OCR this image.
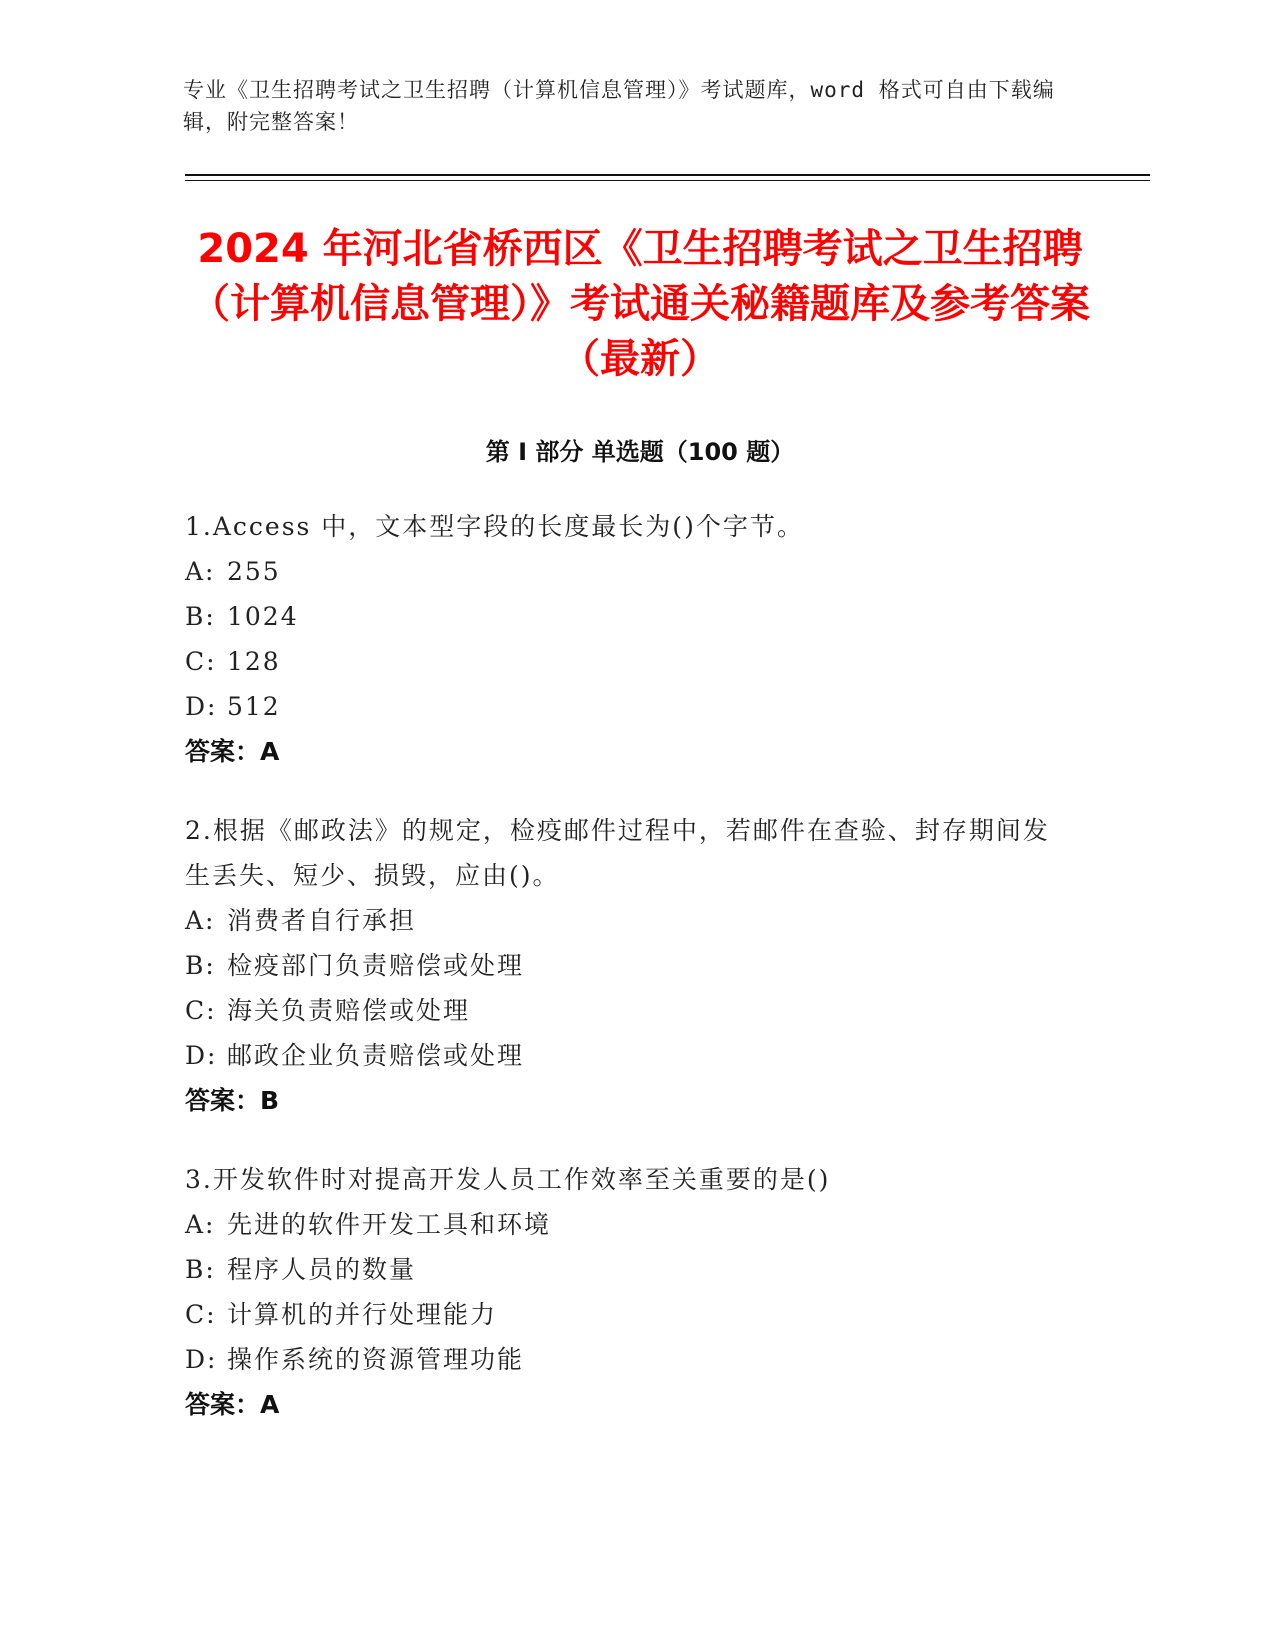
专业《卫生招聘考试之卫生招聘（计算机信息管理）》考试题库，word 格式可自由下载编辑，附完整答案！
2024 年河北省桥西区《卫生招聘考试之卫生招聘（计算机信息管理）》考试通关秘籍题库及参考答案（最新）
第 I 部分 单选题（100 题）

1.Access 中，文本型字段的长度最长为()个字节。

A: 255

B: 1024

C: 128

D: 512

答案：A

2.根据《邮政法》的规定，检疫邮件过程中，若邮件在查验、封存期间发生丢失、短少、损毁，应由()。

A: 消费者自行承担

B: 检疫部门负责赔偿或处理

C: 海关负责赔偿或处理

D: 邮政企业负责赔偿或处理

答案：B

3.开发软件时对提高开发人员工作效率至关重要的是()

A: 先进的软件开发工具和环境

B: 程序人员的数量

C: 计算机的并行处理能力

D: 操作系统的资源管理功能

答案：A
